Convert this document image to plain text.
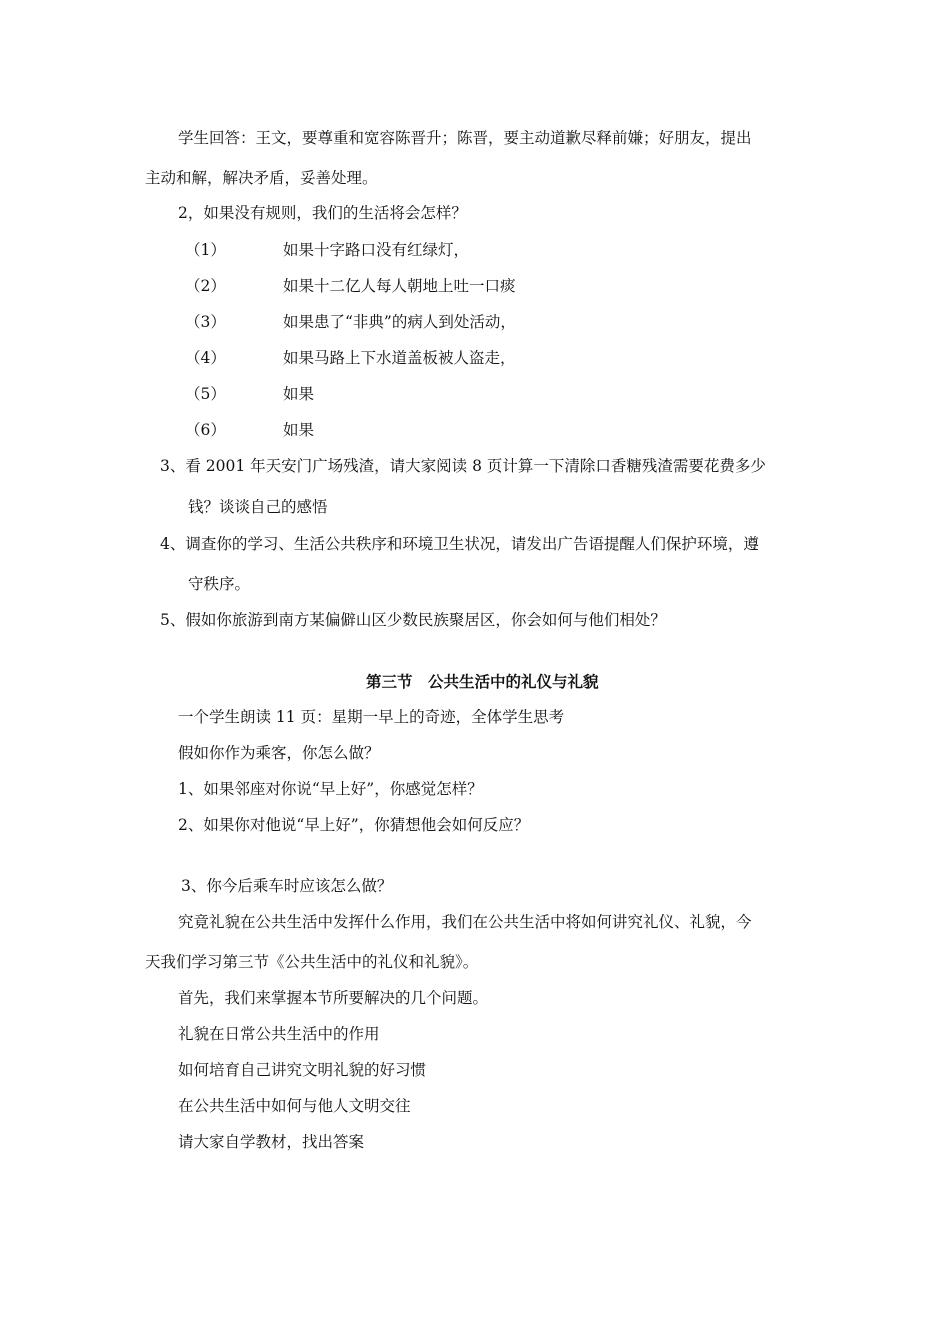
学生回答：王文，要尊重和宽容陈晋升；陈晋，要主动道歉尽释前嫌；好朋友，提出
主动和解，解决矛盾，妥善处理。
2，如果没有规则，我们的生活将会怎样？
（1）	如果十字路口没有红绿灯，
（2）	如果十二亿人每人朝地上吐一口痰
（3）	如果患了“非典”的病人到处活动，
（4）	如果马路上下水道盖板被人盗走，
（5）	如果
（6）	如果
3、看 2001 年天安门广场残渣，请大家阅读 8 页计算一下清除口香糖残渣需要花费多少
钱？谈谈自己的感悟
4、调查你的学习、生活公共秩序和环境卫生状况，请发出广告语提醒人们保护环境，遵
守秩序。
5、假如你旅游到南方某偏僻山区少数民族聚居区，你会如何与他们相处？
第三节　公共生活中的礼仪与礼貌
一个学生朗读 11 页：星期一早上的奇迹，全体学生思考
假如你作为乘客，你怎么做？
1、如果邻座对你说“早上好”，你感觉怎样？
2、如果你对他说“早上好”，你猜想他会如何反应？
3、你今后乘车时应该怎么做？
究竟礼貌在公共生活中发挥什么作用，我们在公共生活中将如何讲究礼仪、礼貌，今
天我们学习第三节《公共生活中的礼仪和礼貌》。
首先，我们来掌握本节所要解决的几个问题。
礼貌在日常公共生活中的作用
如何培育自己讲究文明礼貌的好习惯
在公共生活中如何与他人文明交往
请大家自学教材，找出答案
